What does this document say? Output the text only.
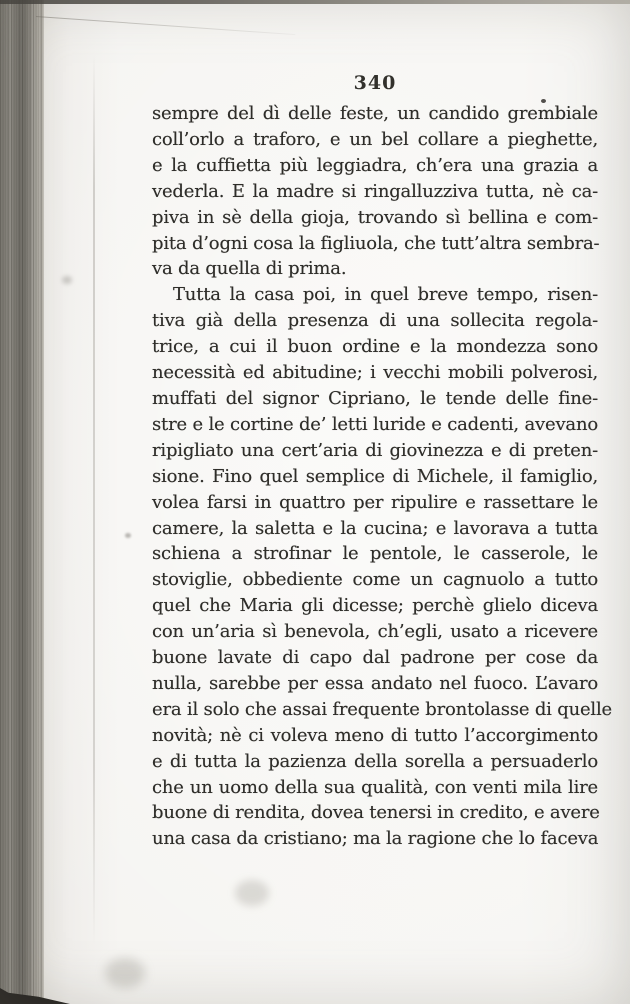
340
sempre del dì delle feste, un candido grembiale
coll’orlo a traforo, e un bel collare a pieghette,
e la cuffietta più leggiadra, ch’era una grazia a
vederla. E la madre si ringalluzziva tutta, nè ca-
piva in sè della gioja, trovando sì bellina e com-
pita d’ogni cosa la figliuola, che tutt’altra sembra-
va da quella di prima.
Tutta la casa poi, in quel breve tempo, risen-
tiva già della presenza di una sollecita regola-
trice, a cui il buon ordine e la mondezza sono
necessità ed abitudine; i vecchi mobili polverosi,
muffati del signor Cipriano, le tende delle fine-
stre e le cortine de’ letti luride e cadenti, avevano
ripigliato una cert’aria di giovinezza e di preten-
sione. Fino quel semplice di Michele, il famiglio,
volea farsi in quattro per ripulire e rassettare le
camere, la saletta e la cucina; e lavorava a tutta
schiena a strofinar le pentole, le casserole, le
stoviglie, obbediente come un cagnuolo a tutto
quel che Maria gli dicesse; perchè glielo diceva
con un’aria sì benevola, ch’egli, usato a ricevere
buone lavate di capo dal padrone per cose da
nulla, sarebbe per essa andato nel fuoco. L’avaro
era il solo che assai frequente brontolasse di quelle
novità; nè ci voleva meno di tutto l’accorgimento
e di tutta la pazienza della sorella a persuaderlo
che un uomo della sua qualità, con venti mila lire
buone di rendita, dovea tenersi in credito, e avere
una casa da cristiano; ma la ragione che lo faceva
